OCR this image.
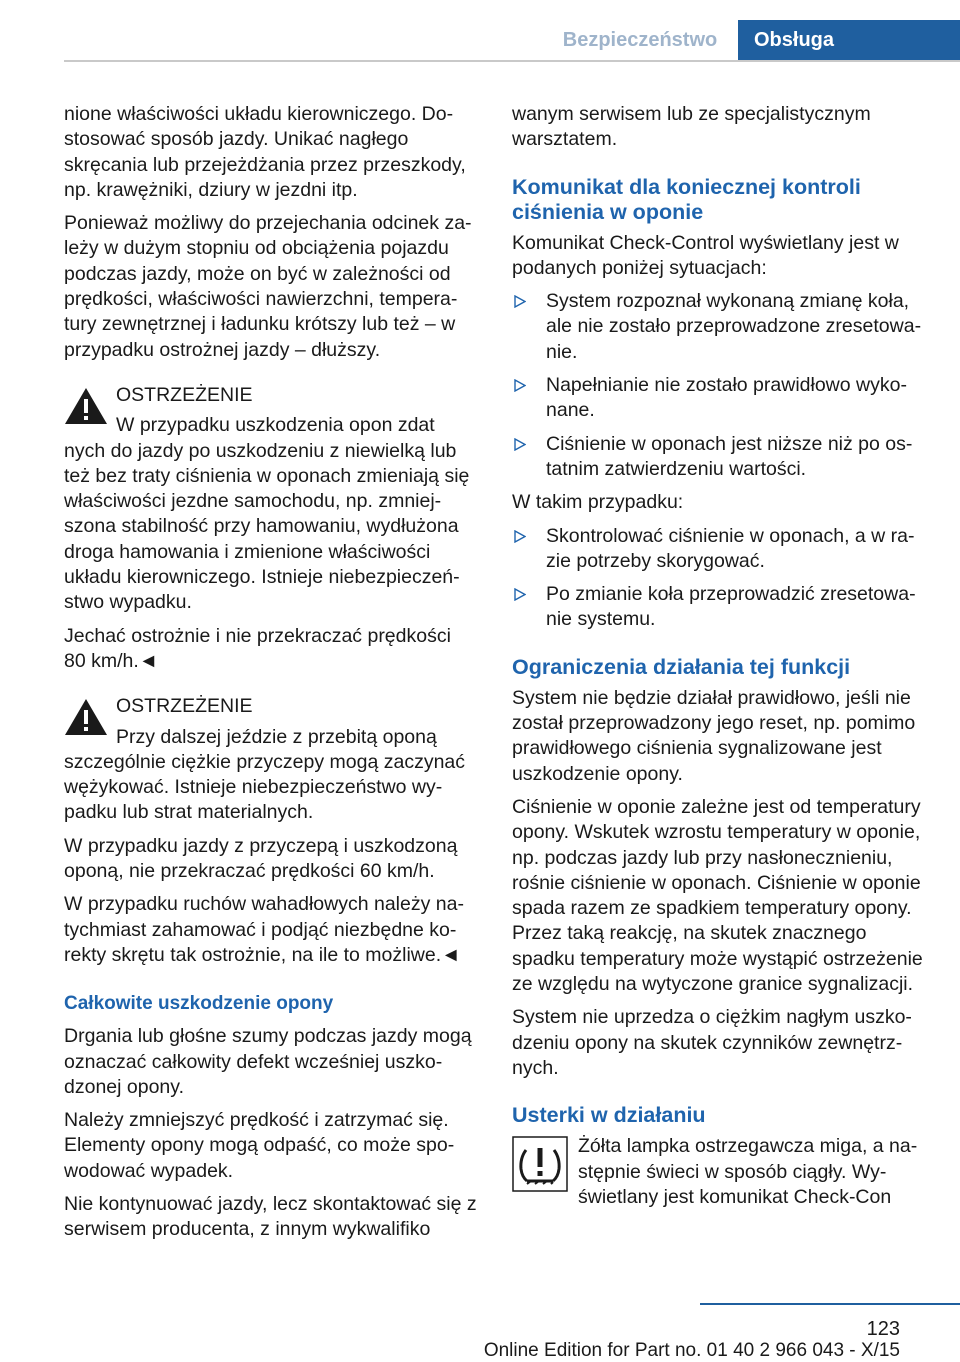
Bezpieczeństwo	Obsługa

nione właściwości układu kierowniczego. Dostosować sposób jazdy. Unikać nagłego skręcania lub przejeżdżania przez przeszkody, np. krawężniki, dziury w jezdni itp.

Ponieważ możliwy do przejechania odcinek zależy w dużym stopniu od obciążenia pojazdu podczas jazdy, może on być w zależności od prędkości, właściwości nawierzchni, temperatury zewnętrznej i ładunku krótszy lub też – w przypadku ostrożnej jazdy – dłuższy.

OSTRZEŻENIE

W przypadku uszkodzenia opon zdat

nych do jazdy po uszkodzeniu z niewielką lub też bez traty ciśnienia w oponach zmieniają się właściwości jezdne samochodu, np. zmniejszona stabilność przy hamowaniu, wydłużona droga hamowania i zmienione właściwości układu kierowniczego. Istnieje niebezpieczeństwo wypadku.

Jechać ostrożnie i nie przekraczać prędkości 80 km/h.◄

OSTRZEŻENIE

Przy dalszej jeździe z przebitą oponą

szczególnie ciężkie przyczepy mogą zaczynać wężykować. Istnieje niebezpieczeństwo wypadku lub strat materialnych.

W przypadku jazdy z przyczepą i uszkodzoną oponą, nie przekraczać prędkości 60 km/h.

W przypadku ruchów wahadłowych należy natychmiast zahamować i podjąć niezbędne korekty skrętu tak ostrożnie, na ile to możliwe.◄

Całkowite uszkodzenie opony

Drgania lub głośne szumy podczas jazdy mogą oznaczać całkowity defekt wcześniej uszkodzonej opony.

Należy zmniejszyć prędkość i zatrzymać się. Elementy opony mogą odpaść, co może spowodować wypadek.

Nie kontynuować jazdy, lecz skontaktować się z serwisem producenta, z innym wykwalifiko

wanym serwisem lub ze specjalistycznym warsztatem.

Komunikat dla koniecznej kontroli ciśnienia w oponie

Komunikat Check-Control wyświetlany jest w podanych poniżej sytuacjach:

System rozpoznał wykonaną zmianę koła, ale nie zostało przeprowadzone zresetowanie.
Napełnianie nie zostało prawidłowo wykonane.
Ciśnienie w oponach jest niższe niż po ostatnim zatwierdzeniu wartości.

W takim przypadku:

Skontrolować ciśnienie w oponach, a w razie potrzeby skorygować.
Po zmianie koła przeprowadzić zresetowanie systemu.
Ograniczenia działania tej funkcji

System nie będzie działał prawidłowo, jeśli nie został przeprowadzony jego reset, np. pomimo prawidłowego ciśnienia sygnalizowane jest uszkodzenie opony.

Ciśnienie w oponie zależne jest od temperatury opony. Wskutek wzrostu temperatury w oponie, np. podczas jazdy lub przy nasłonecznieniu, rośnie ciśnienie w oponach. Ciśnienie w oponie spada razem ze spadkiem temperatury opony. Przez taką reakcję, na skutek znacznego spadku temperatury może wystąpić ostrzeżenie ze względu na wytyczone granice sygnalizacji.

System nie uprzedza o ciężkim nagłym uszkodzeniu opony na skutek czynników zewnętrznych.

Usterki w działaniu

Żółta lampka ostrzegawcza miga, a następnie świeci w sposób ciągły. Wyświetlany jest komunikat Check-Con

123
Online Edition for Part no. 01 40 2 966 043 - X/15
